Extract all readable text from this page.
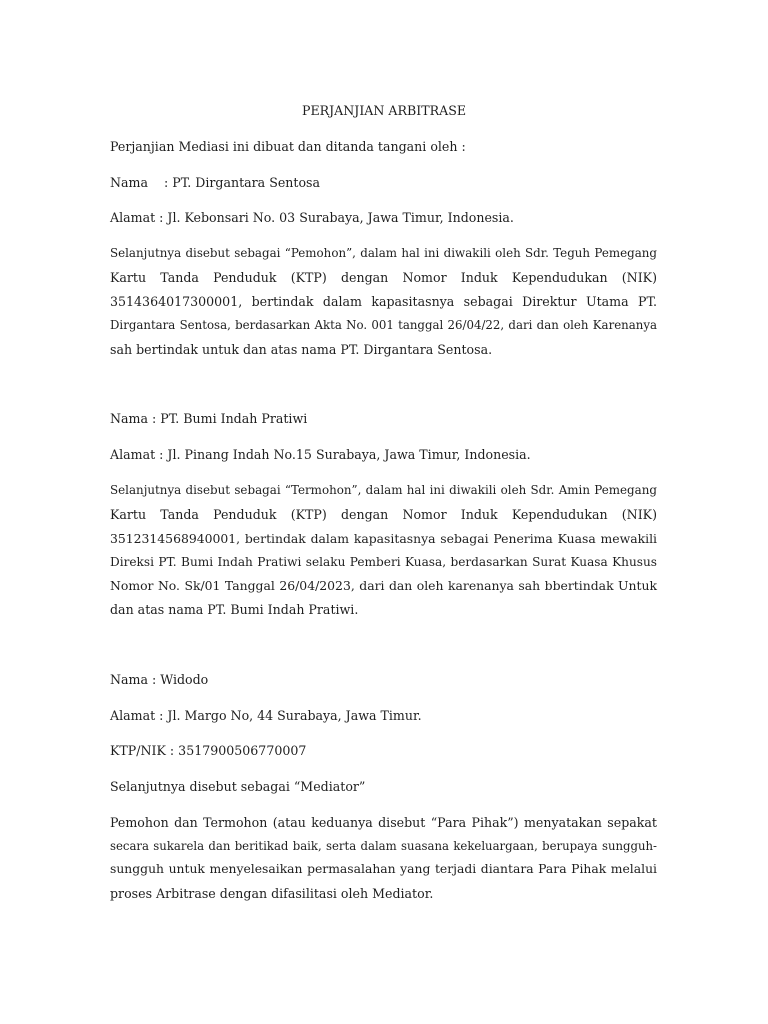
PERJANJIAN ARBITRASE

Perjanjian Mediasi ini dibuat dan ditanda tangani oleh :

Nama    : PT. Dirgantara Sentosa

Alamat : Jl. Kebonsari No. 03 Surabaya, Jawa Timur, Indonesia.

Selanjutnya disebut sebagai “Pemohon”, dalam hal ini diwakili oleh Sdr. Teguh Pemegang

Kartu Tanda Penduduk (KTP) dengan Nomor Induk Kependudukan (NIK)

3514364017300001, bertindak dalam kapasitasnya sebagai Direktur Utama PT.

Dirgantara Sentosa, berdasarkan Akta No. 001 tanggal 26/04/22, dari dan oleh Karenanya

sah bertindak untuk dan atas nama PT. Dirgantara Sentosa.

Nama : PT. Bumi Indah Pratiwi

Alamat : Jl. Pinang Indah No.15 Surabaya, Jawa Timur, Indonesia.

Selanjutnya disebut sebagai “Termohon”, dalam hal ini diwakili oleh Sdr. Amin Pemegang

Kartu Tanda Penduduk (KTP) dengan Nomor Induk Kependudukan (NIK)

3512314568940001, bertindak dalam kapasitasnya sebagai Penerima Kuasa mewakili

Direksi PT. Bumi Indah Pratiwi selaku Pemberi Kuasa, berdasarkan Surat Kuasa Khusus

Nomor No. Sk/01 Tanggal 26/04/2023, dari dan oleh karenanya sah bbertindak Untuk

dan atas nama PT. Bumi Indah Pratiwi.

Nama : Widodo

Alamat : Jl. Margo No, 44 Surabaya, Jawa Timur.

KTP/NIK : 3517900506770007

Selanjutnya disebut sebagai “Mediator”

Pemohon dan Termohon (atau keduanya disebut “Para Pihak”) menyatakan sepakat

secara sukarela dan beritikad baik, serta dalam suasana kekeluargaan, berupaya sungguh-

sungguh untuk menyelesaikan permasalahan yang terjadi diantara Para Pihak melalui

proses Arbitrase dengan difasilitasi oleh Mediator.
